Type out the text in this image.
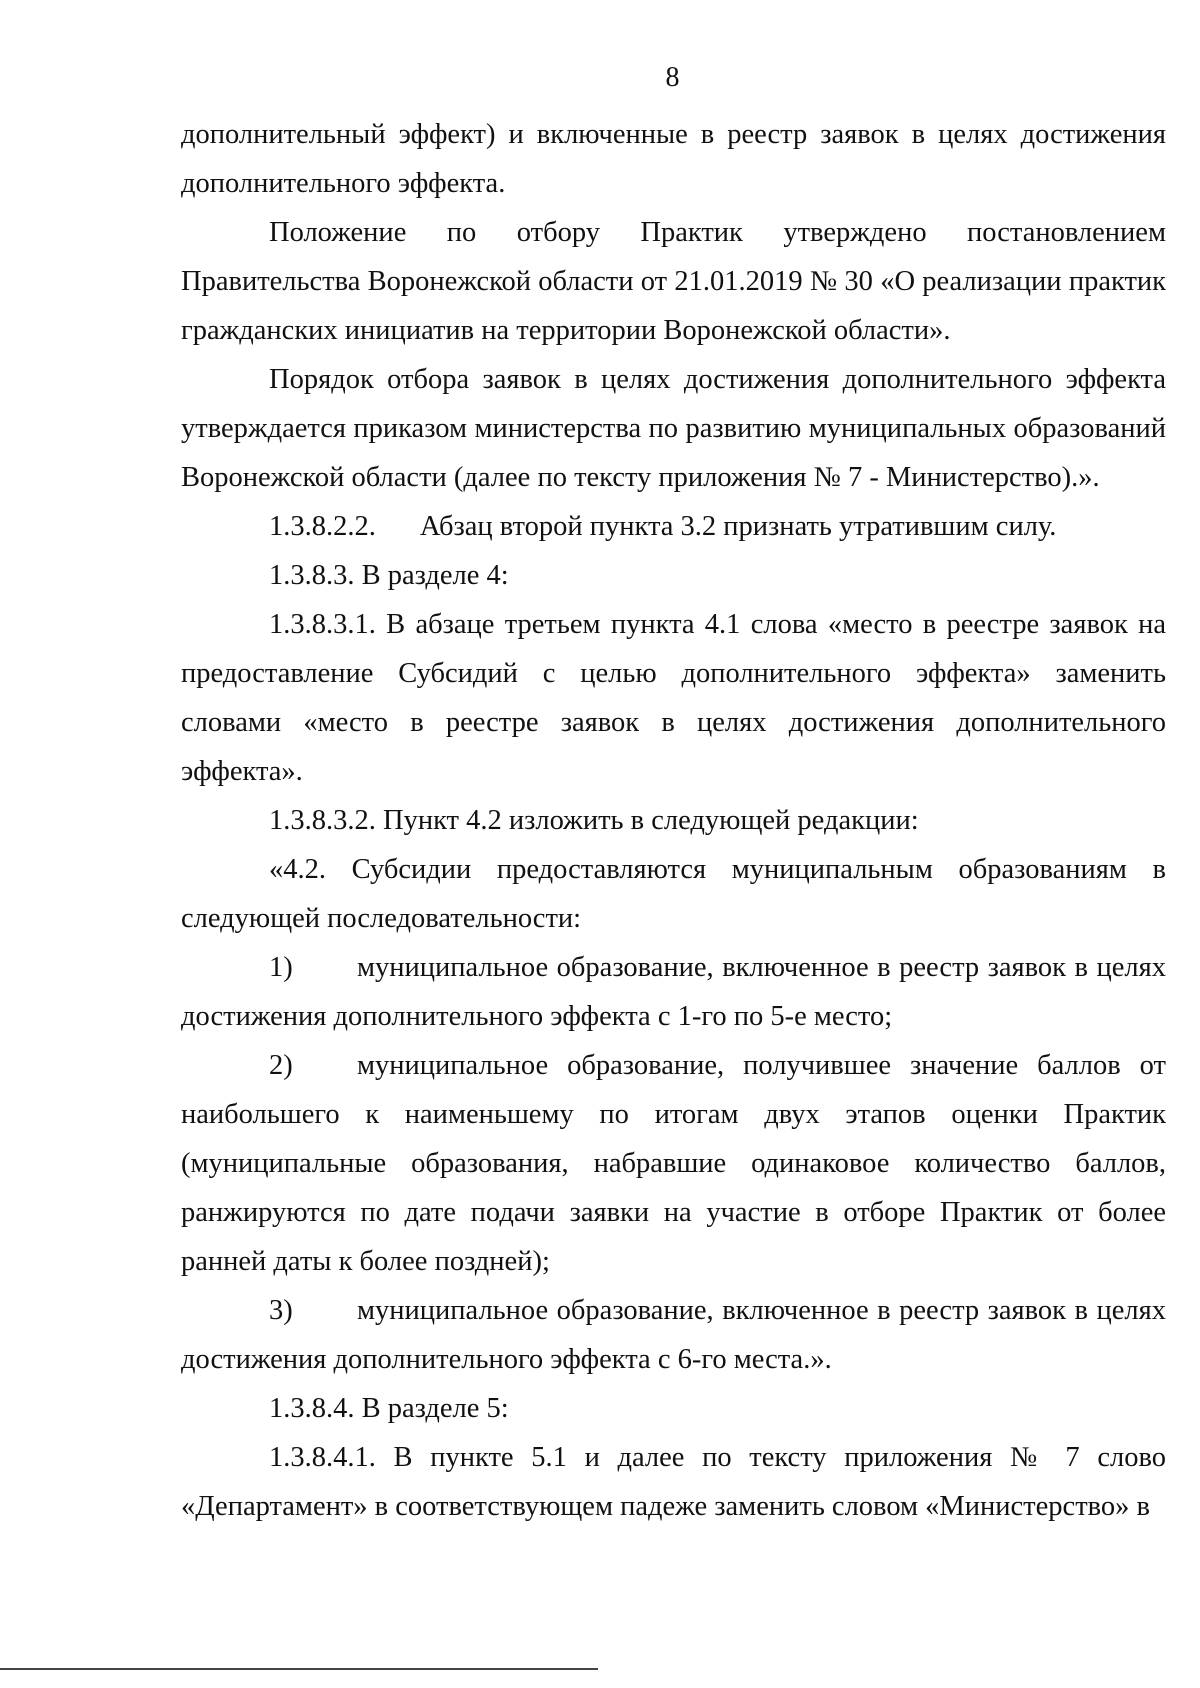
8

дополнительный эффект) и включенные в реестр заявок в целях достижения дополнительного эффекта.

Положение по отбору Практик утверждено постановлением Правительства Воронежской области от 21.01.2019 № 30 «О реализации практик гражданских инициатив на территории Воронежской области».

Порядок отбора заявок в целях достижения дополнительного эффекта утверждается приказом министерства по развитию муниципальных образований Воронежской области (далее по тексту приложения № 7 - Министерство).».

1.3.8.2.2. Абзац второй пункта 3.2 признать утратившим силу.

1.3.8.3. В разделе 4:

1.3.8.3.1. В абзаце третьем пункта 4.1 слова «место в реестре заявок на предоставление Субсидий с целью дополнительного эффекта» заменить словами «место в реестре заявок в целях достижения дополнительного эффекта».

1.3.8.3.2. Пункт 4.2 изложить в следующей редакции:

«4.2. Субсидии предоставляются муниципальным образованиям в следующей последовательности:

1) муниципальное образование, включенное в реестр заявок в целях достижения дополнительного эффекта с 1-го по 5-е место;

2) муниципальное образование, получившее значение баллов от наибольшего к наименьшему по итогам двух этапов оценки Практик (муниципальные образования, набравшие одинаковое количество баллов, ранжируются по дате подачи заявки на участие в отборе Практик от более ранней даты к более поздней);

3) муниципальное образование, включенное в реестр заявок в целях достижения дополнительного эффекта с 6-го места.».

1.3.8.4. В разделе 5:

1.3.8.4.1. В пункте 5.1 и далее по тексту приложения № 7 слово «Департамент» в соответствующем падеже заменить словом «Министерство» в
